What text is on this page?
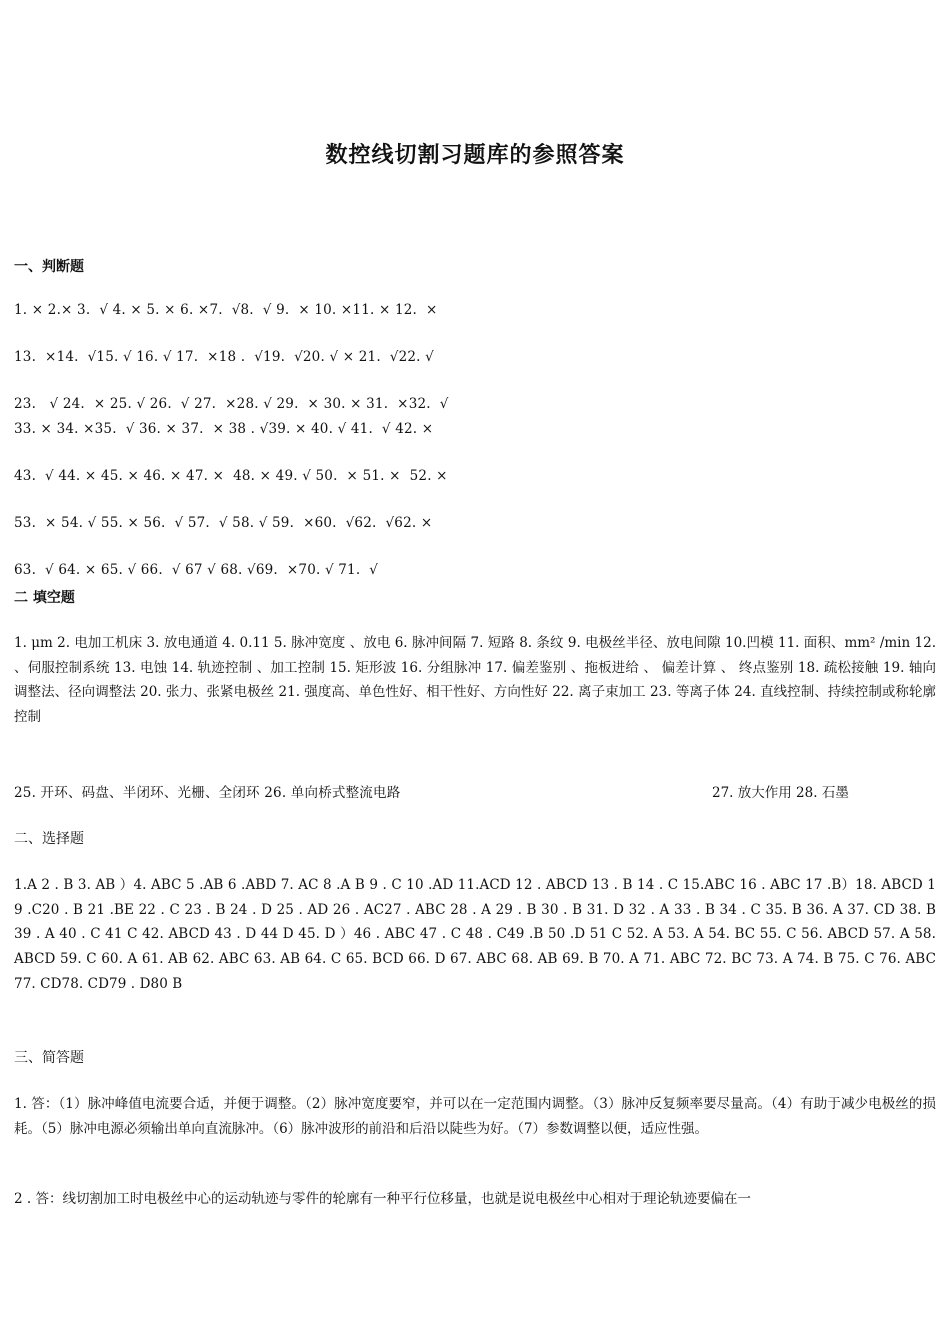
数控线切割习题库的参照答案
一、判断题
1. × 2.× 3.  √ 4. × 5. × 6. ×7.  √8.  √ 9.  × 10. ×11. × 12.  ×
13.  ×14.  √15. √ 16. √ 17.  ×18 .  √19.  √20. √ × 21.  √22. √
23.   √ 24.  × 25. √ 26.  √ 27.  ×28. √ 29.  × 30. × 31.  ×32.  √
33. × 34. ×35.  √ 36. × 37.  × 38 . √39. × 40. √ 41.  √ 42. ×
43.  √ 44. × 45. × 46. × 47. ×  48. × 49. √ 50.  × 51. ×  52. ×
53.  × 54. √ 55. × 56.  √ 57.  √ 58. √ 59.  ×60.  √62.  √62. ×
63.  √ 64. × 65. √ 66.  √ 67 √ 68. √69.  ×70. √ 71.  √
二 填空题
1. μm 2. 电加工机床 3. 放电通道 4. 0.11 5. 脉冲宽度 、放电 6. 脉冲间隔 7. 短路 8. 条纹 9. 电极丝半径、放电间隙 10.凹模 11. 面积、mm² /min 12. 、伺服控制系统 13. 电蚀 14. 轨迹控制 、加工控制 15. 矩形波 16. 分组脉冲 17. 偏差鉴别 、拖板进给 、 偏差计算 、 终点鉴别 18. 疏松接触 19. 轴向调整法、径向调整法 20. 张力、张紧电极丝 21. 强度高、单色性好、相干性好、方向性好 22. 离子束加工 23. 等离子体 24. 直线控制、持续控制或称轮廓控制
25. 开环、码盘、半闭环、光栅、全闭环 26. 单向桥式整流电路	27. 放大作用 28. 石墨
二、选择题
1.A 2 . B 3. AB ）4. ABC 5 .AB 6 .ABD 7. AC 8 .A B 9 . C 10 .AD 11.ACD 12 . ABCD 13 . B 14 . C 15.ABC 16 . ABC 17 .B）18. ABCD 19 .C20 . B 21 .BE 22 . C 23 . B 24 . D 25 . AD 26 . AC27 . ABC 28 . A 29 . B 30 . B 31. D 32 . A 33 . B 34 . C 35. B 36. A 37. CD 38. B 39 . A 40 . C 41 C 42. ABCD 43 . D 44 D 45. D ）46 . ABC 47 . C 48 . C49 .B 50 .D 51 C 52. A 53. A 54. BC 55. C 56. ABCD 57. A 58. ABCD 59. C 60. A 61. AB 62. ABC 63. AB 64. C 65. BCD 66. D 67. ABC 68. AB 69. B 70. A 71. ABC 72. BC 73. A 74. B 75. C 76. ABC 77. CD78. CD79 . D80 B
三、简答题
1. 答：（1）脉冲峰值电流要合适，并便于调整。（2）脉冲宽度要窄，并可以在一定范围内调整。（3）脉冲反复频率要尽量高。（4）有助于减少电极丝的损耗。（5）脉冲电源必须输出单向直流脉冲。（6）脉冲波形的前沿和后沿以陡些为好。（7）参数调整以便，适应性强。
2 . 答：线切割加工时电极丝中心的运动轨迹与零件的轮廓有一种平行位移量，也就是说电极丝中心相对于理论轨迹要偏在一
